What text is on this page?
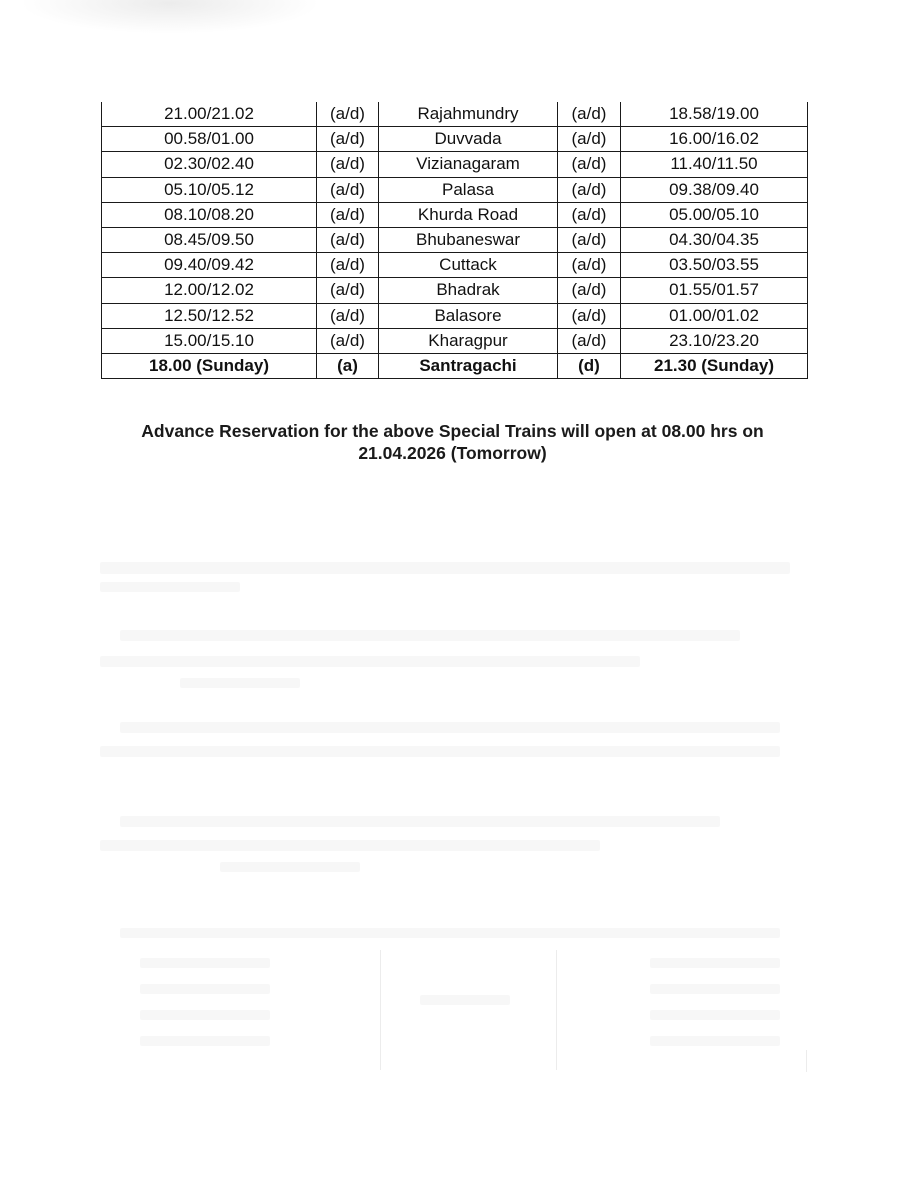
21.00/21.02	(a/d)	Rajahmundry	(a/d)	18.58/19.00
00.58/01.00	(a/d)	Duvvada	(a/d)	16.00/16.02
02.30/02.40	(a/d)	Vizianagaram	(a/d)	11.40/11.50
05.10/05.12	(a/d)	Palasa	(a/d)	09.38/09.40
08.10/08.20	(a/d)	Khurda Road	(a/d)	05.00/05.10
08.45/09.50	(a/d)	Bhubaneswar	(a/d)	04.30/04.35
09.40/09.42	(a/d)	Cuttack	(a/d)	03.50/03.55
12.00/12.02	(a/d)	Bhadrak	(a/d)	01.55/01.57
12.50/12.52	(a/d)	Balasore	(a/d)	01.00/01.02
15.00/15.10	(a/d)	Kharagpur	(a/d)	23.10/23.20
18.00 (Sunday)	(a)	Santragachi	(d)	21.30 (Sunday)
Advance Reservation for the above Special Trains will open at 08.00 hrs on
21.04.2026 (Tomorrow)
